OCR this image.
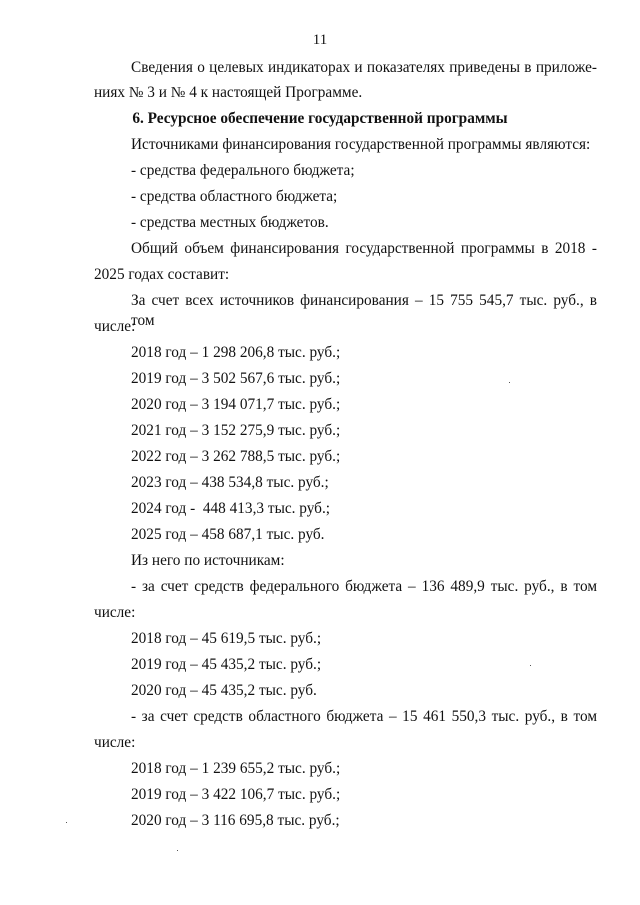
11
Сведения о целевых индикаторах и показателях приведены в приложе-
ниях № 3 и № 4 к настоящей Программе.
6. Ресурсное обеспечение государственной программы
Источниками финансирования государственной программы являются:
- средства федерального бюджета;
- средства областного бюджета;
- средства местных бюджетов.
Общий объем финансирования государственной программы в 2018 -
2025 годах составит:
За счет всех источников финансирования – 15 755 545,7 тыс. руб., в том
числе:
2018 год – 1 298 206,8 тыс. руб.;
2019 год – 3 502 567,6 тыс. руб.;
2020 год – 3 194 071,7 тыс. руб.;
2021 год – 3 152 275,9 тыс. руб.;
2022 год – 3 262 788,5 тыс. руб.;
2023 год – 438 534,8 тыс. руб.;
2024 год -  448 413,3 тыс. руб.;
2025 год – 458 687,1 тыс. руб.
Из него по источникам:
- за счет средств федерального бюджета – 136 489,9 тыс. руб., в том
числе:
2018 год – 45 619,5 тыс. руб.;
2019 год – 45 435,2 тыс. руб.;
2020 год – 45 435,2 тыс. руб.
- за счет средств областного бюджета – 15 461 550,3 тыс. руб., в том
числе:
2018 год – 1 239 655,2 тыс. руб.;
2019 год – 3 422 106,7 тыс. руб.;
2020 год – 3 116 695,8 тыс. руб.;
